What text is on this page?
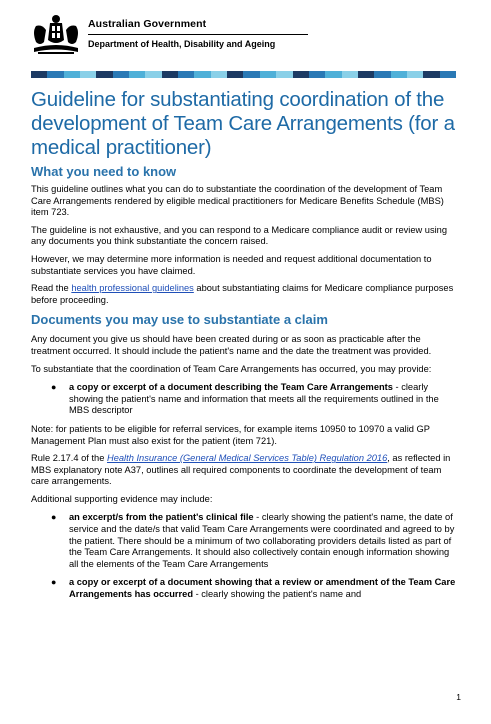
Australian Government
Department of Health, Disability and Ageing
Guideline for substantiating coordination of the development of Team Care Arrangements (for a medical practitioner)
What you need to know

This guideline outlines what you can do to substantiate the coordination of the development of Team Care Arrangements rendered by eligible medical practitioners for Medicare Benefits Schedule (MBS) item 723.

The guideline is not exhaustive, and you can respond to a Medicare compliance audit or review using any documents you think substantiate the concern raised.

However, we may determine more information is needed and request additional documentation to substantiate services you have claimed.

Read the health professional guidelines about substantiating claims for Medicare compliance purposes before proceeding.

Documents you may use to substantiate a claim

Any document you give us should have been created during or as soon as practicable after the treatment occurred. It should include the patient's name and the date the treatment was provided.

To substantiate that the coordination of Team Care Arrangements has occurred, you may provide:

● a copy or excerpt of a document describing the Team Care Arrangements - clearly showing the patient's name and information that meets all the requirements outlined in the MBS descriptor

Note: for patients to be eligible for referral services, for example items 10950 to 10970 a valid GP Management Plan must also exist for the patient (item 721).

Rule 2.17.4 of the Health Insurance (General Medical Services Table) Regulation 2016, as reflected in MBS explanatory note A37, outlines all required components to coordinate the development of team care arrangements.

Additional supporting evidence may include:

● an excerpt/s from the patient's clinical file - clearly showing the patient's name, the date of service and the date/s that valid Team Care Arrangements were coordinated and agreed to by the patient. There should be a minimum of two collaborating providers details listed as part of the Team Care Arrangements. It should also collectively contain enough information showing all the elements of the Team Care Arrangements
● a copy or excerpt of a document showing that a review or amendment of the Team Care Arrangements has occurred - clearly showing the patient's name and
1
